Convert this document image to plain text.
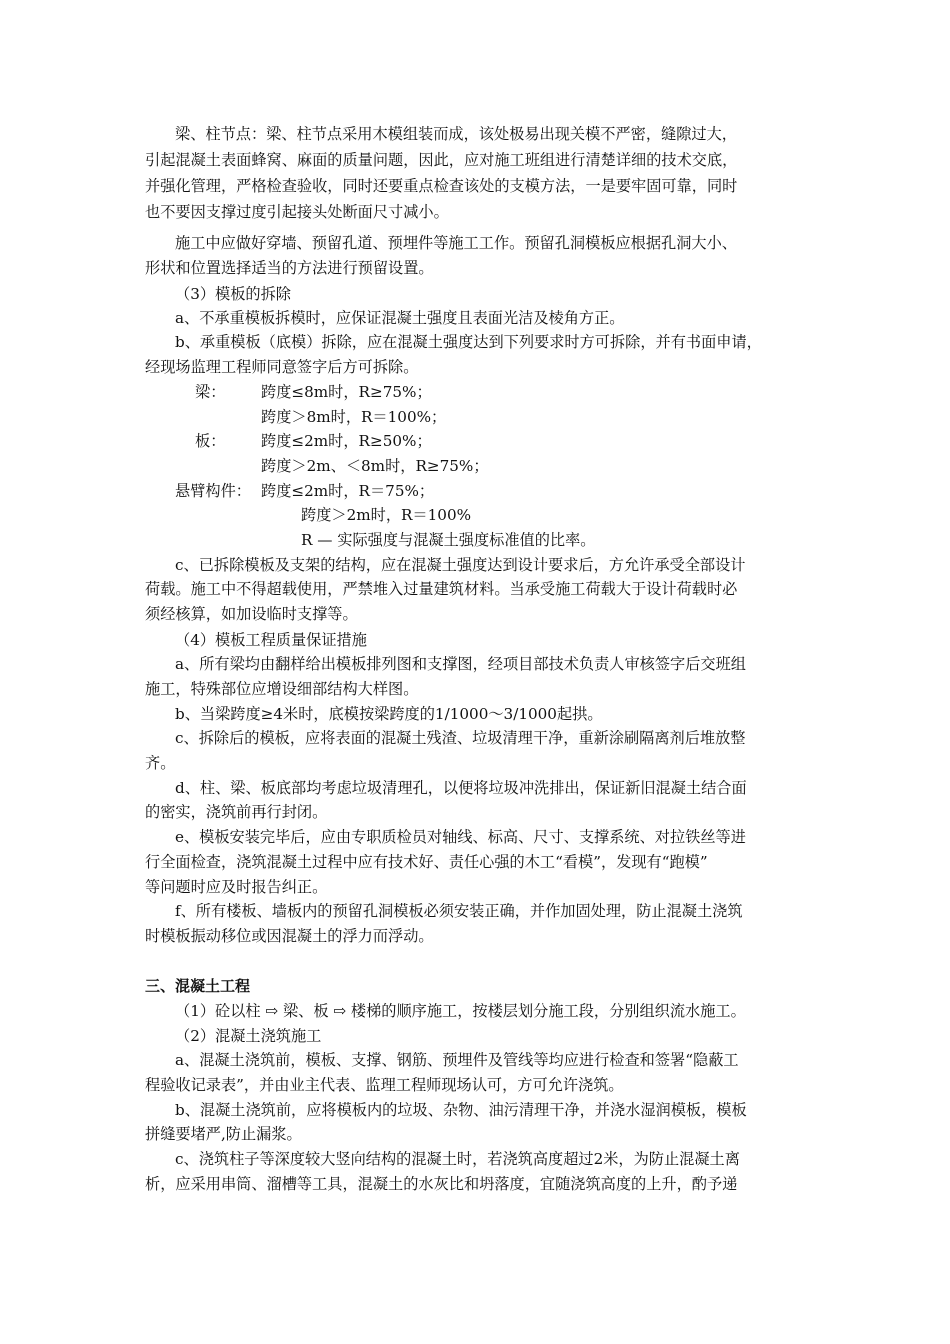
梁、柱节点：梁、柱节点采用木模组装而成，该处极易出现关模不严密，缝隙过大，
引起混凝土表面蜂窝、麻面的质量问题，因此，应对施工班组进行清楚详细的技术交底，
并强化管理，严格检查验收，同时还要重点检查该处的支模方法，一是要牢固可靠，同时
也不要因支撑过度引起接头处断面尺寸减小。
施工中应做好穿墙、预留孔道、预埋件等施工工作。预留孔洞模板应根据孔洞大小、
形状和位置选择适当的方法进行预留设置。
（3）模板的拆除
a、不承重模板拆模时，应保证混凝土强度且表面光洁及棱角方正。
b、承重模板（底模）拆除，应在混凝土强度达到下列要求时方可拆除，并有书面申请，
经现场监理工程师同意签字后方可拆除。
梁： 跨度≤8m时，R≥75%；
跨度＞8m时，R＝100%；
板： 跨度≤2m时，R≥50%；
跨度＞2m、＜8m时，R≥75%；
悬臂构件： 跨度≤2m时，R＝75%；
跨度＞2m时，R＝100%
R — 实际强度与混凝土强度标准值的比率。
c、已拆除模板及支架的结构，应在混凝土强度达到设计要求后，方允许承受全部设计
荷载。施工中不得超载使用，严禁堆入过量建筑材料。当承受施工荷载大于设计荷载时必
须经核算，如加设临时支撑等。
（4）模板工程质量保证措施
a、所有梁均由翻样给出模板排列图和支撑图，经项目部技术负责人审核签字后交班组
施工，特殊部位应增设细部结构大样图。
b、当梁跨度≥4米时，底模按梁跨度的1/1000～3/1000起拱。
c、拆除后的模板，应将表面的混凝土残渣、垃圾清理干净，重新涂刷隔离剂后堆放整
齐。
d、柱、梁、板底部均考虑垃圾清理孔，以便将垃圾冲洗排出，保证新旧混凝土结合面
的密实，浇筑前再行封闭。
e、模板安装完毕后，应由专职质检员对轴线、标高、尺寸、支撑系统、对拉铁丝等进
行全面检查，浇筑混凝土过程中应有技术好、责任心强的木工“看模”，发现有“跑模”
等问题时应及时报告纠正。
f、所有楼板、墙板内的预留孔洞模板必须安装正确，并作加固处理，防止混凝土浇筑
时模板振动移位或因混凝土的浮力而浮动。
三、混凝土工程
（1）砼以柱 ⇨ 梁、板 ⇨ 楼梯的顺序施工，按楼层划分施工段，分别组织流水施工。
（2）混凝土浇筑施工
a、混凝土浇筑前，模板、支撑、钢筋、预埋件及管线等均应进行检查和签署“隐蔽工
程验收记录表”，并由业主代表、监理工程师现场认可，方可允许浇筑。
b、混凝土浇筑前，应将模板内的垃圾、杂物、油污清理干净，并浇水湿润模板，模板
拼缝要堵严,防止漏浆。
c、浇筑柱子等深度较大竖向结构的混凝土时，若浇筑高度超过2米，为防止混凝土离
析，应采用串筒、溜槽等工具，混凝土的水灰比和坍落度，宜随浇筑高度的上升，酌予递
